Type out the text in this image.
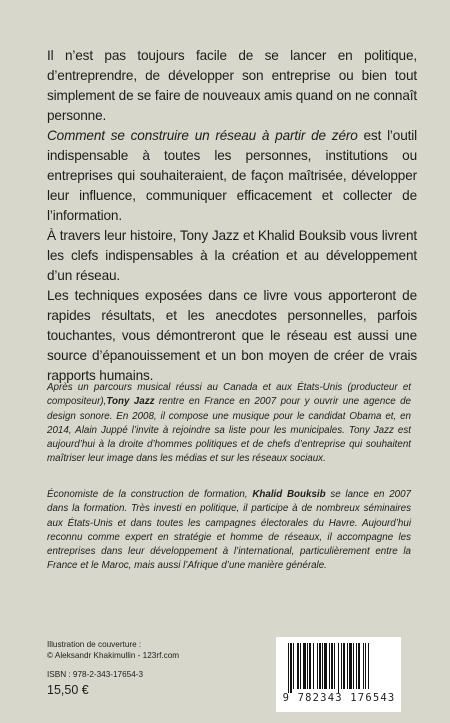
Il n’est pas toujours facile de se lancer en politique, d’entreprendre, de développer son entreprise ou bien tout simplement de se faire de nouveaux amis quand on ne connaît personne.

Comment se construire un réseau à partir de zéro est l’outil indispensable à toutes les personnes, institutions ou entreprises qui souhaiteraient, de façon maîtrisée, développer leur influence, communiquer efficacement et collecter de l’information.

À travers leur histoire, Tony Jazz et Khalid Bouksib vous livrent les clefs indispensables à la création et au développement d’un réseau.

Les techniques exposées dans ce livre vous apporteront de rapides résultats, et les anecdotes personnelles, parfois touchantes, vous démontreront que le réseau est aussi une source d’épanouissement et un bon moyen de créer de vrais rapports humains.

Après un parcours musical réussi au Canada et aux États-Unis (producteur et compositeur),Tony Jazz rentre en France en 2007 pour y ouvrir une agence de design sonore. En 2008, il compose une musique pour le candidat Obama et, en 2014, Alain Juppé l’invite à rejoindre sa liste pour les municipales. Tony Jazz est aujourd’hui à la droite d’hommes politiques et de chefs d’entreprise qui souhaitent maîtriser leur image dans les médias et sur les réseaux sociaux.
Économiste de la construction de formation, Khalid Bouksib se lance en 2007 dans la formation. Très investi en politique, il participe à de nombreux séminaires aux États-Unis et dans toutes les campagnes électorales du Havre. Aujourd’hui reconnu comme expert en stratégie et homme de réseaux, il accompagne les entreprises dans leur développement à l’international, particulièrement entre la France et le Maroc, mais aussi l’Afrique d’une manière générale.
Illustration de couverture :
© Aleksandr Khakimullin - 123rf.com
ISBN : 978-2-343-17654-3
15,50 €
9 782343 176543
